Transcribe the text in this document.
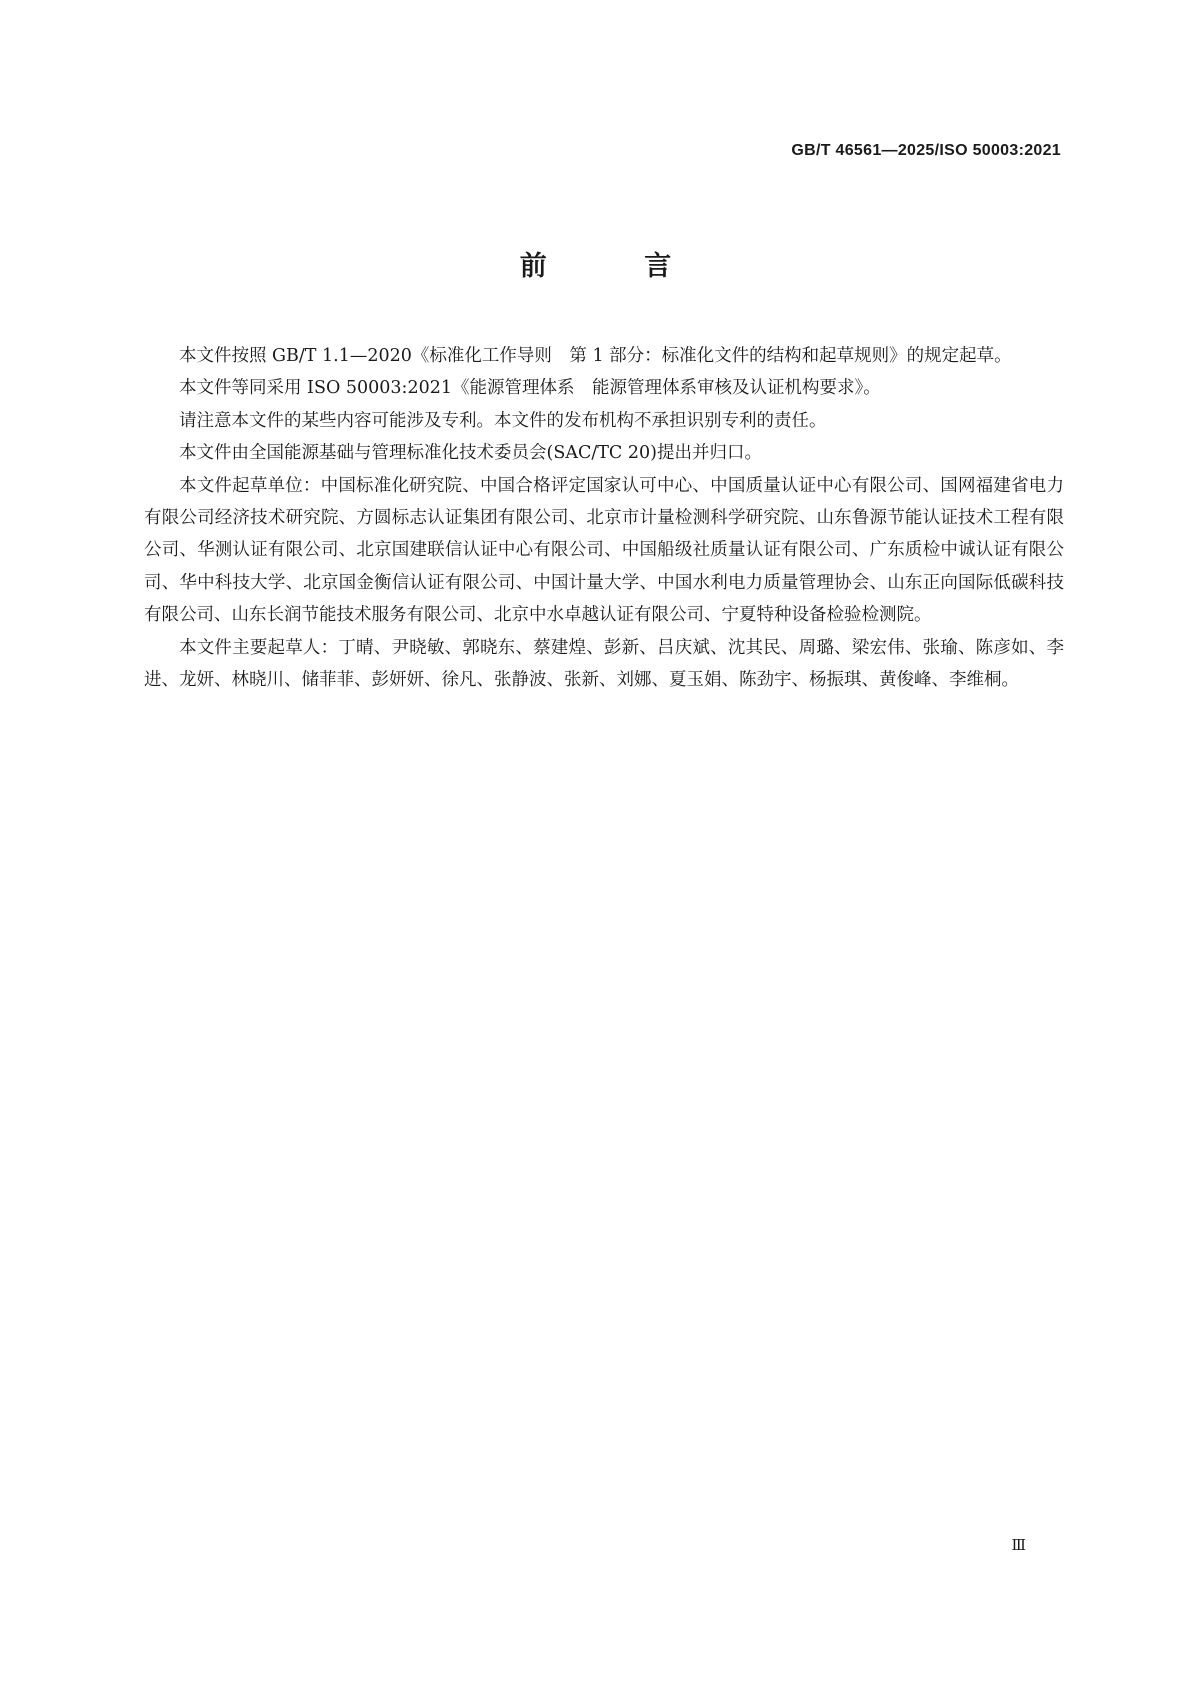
GB/T 46561—2025/ISO 50003:2021
前 言

本文件按照 GB/T 1.1—2020《标准化工作导则　第 1 部分：标准化文件的结构和起草规则》的规定起草。

本文件等同采用 ISO 50003:2021《能源管理体系　能源管理体系审核及认证机构要求》。

请注意本文件的某些内容可能涉及专利。本文件的发布机构不承担识别专利的责任。

本文件由全国能源基础与管理标准化技术委员会(SAC/TC 20)提出并归口。

本文件起草单位：中国标准化研究院、中国合格评定国家认可中心、中国质量认证中心有限公司、国网福建省电力有限公司经济技术研究院、方圆标志认证集团有限公司、北京市计量检测科学研究院、山东鲁源节能认证技术工程有限公司、华测认证有限公司、北京国建联信认证中心有限公司、中国船级社质量认证有限公司、广东质检中诚认证有限公司、华中科技大学、北京国金衡信认证有限公司、中国计量大学、中国水利电力质量管理协会、山东正向国际低碳科技有限公司、山东长润节能技术服务有限公司、北京中水卓越认证有限公司、宁夏特种设备检验检测院。

本文件主要起草人：丁晴、尹晓敏、郭晓东、蔡建煌、彭新、吕庆斌、沈其民、周璐、梁宏伟、张瑜、陈彦如、李进、龙妍、林晓川、储菲菲、彭妍妍、徐凡、张静波、张新、刘娜、夏玉娟、陈劲宇、杨振琪、黄俊峰、李维桐。

Ⅲ
